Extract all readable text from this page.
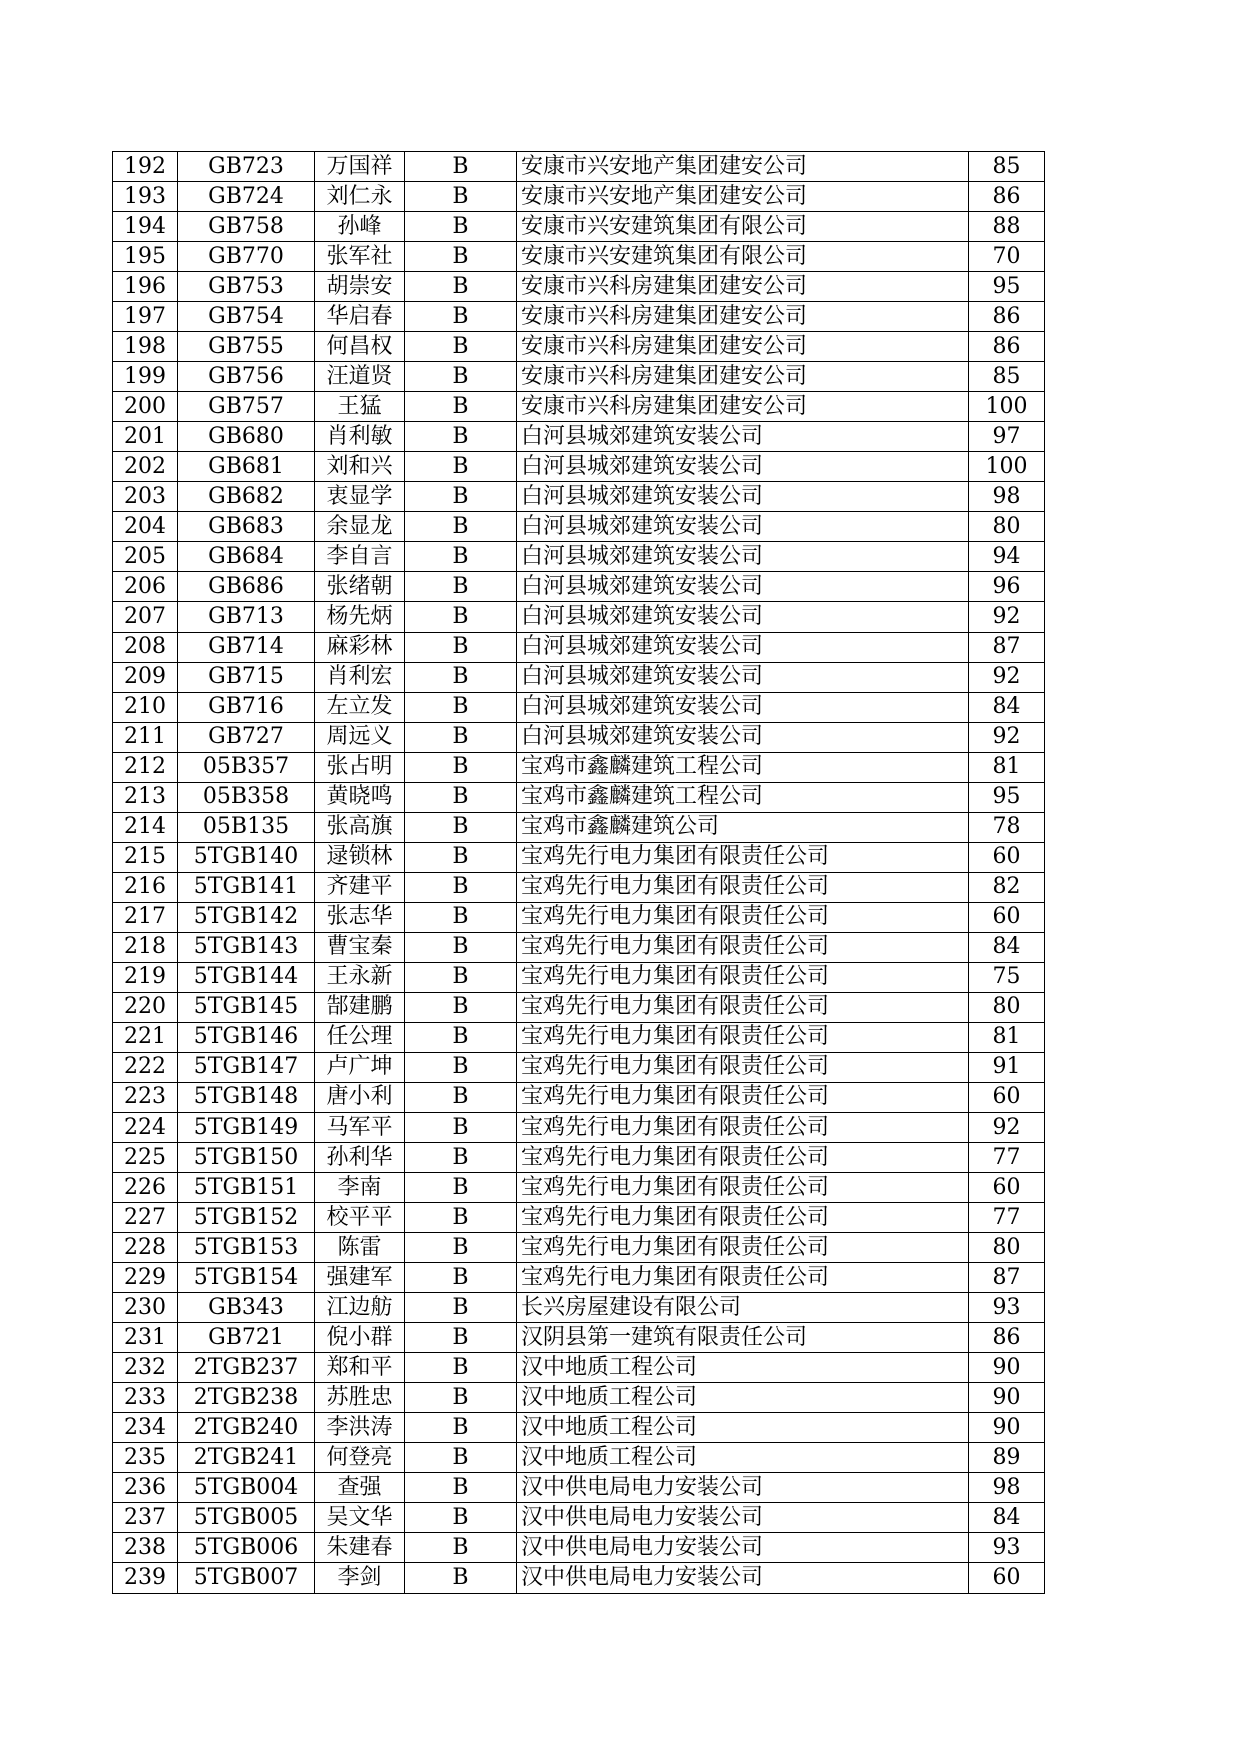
192	GB723	万国祥	B	安康市兴安地产集团建安公司	85
193	GB724	刘仁永	B	安康市兴安地产集团建安公司	86
194	GB758	孙峰	B	安康市兴安建筑集团有限公司	88
195	GB770	张军社	B	安康市兴安建筑集团有限公司	70
196	GB753	胡崇安	B	安康市兴科房建集团建安公司	95
197	GB754	华启春	B	安康市兴科房建集团建安公司	86
198	GB755	何昌权	B	安康市兴科房建集团建安公司	86
199	GB756	汪道贤	B	安康市兴科房建集团建安公司	85
200	GB757	王猛	B	安康市兴科房建集团建安公司	100
201	GB680	肖利敏	B	白河县城郊建筑安装公司	97
202	GB681	刘和兴	B	白河县城郊建筑安装公司	100
203	GB682	衷显学	B	白河县城郊建筑安装公司	98
204	GB683	余显龙	B	白河县城郊建筑安装公司	80
205	GB684	李自言	B	白河县城郊建筑安装公司	94
206	GB686	张绪朝	B	白河县城郊建筑安装公司	96
207	GB713	杨先炳	B	白河县城郊建筑安装公司	92
208	GB714	麻彩林	B	白河县城郊建筑安装公司	87
209	GB715	肖利宏	B	白河县城郊建筑安装公司	92
210	GB716	左立发	B	白河县城郊建筑安装公司	84
211	GB727	周远义	B	白河县城郊建筑安装公司	92
212	05B357	张占明	B	宝鸡市鑫麟建筑工程公司	81
213	05B358	黄晓鸣	B	宝鸡市鑫麟建筑工程公司	95
214	05B135	张高旗	B	宝鸡市鑫麟建筑公司	78
215	5TGB140	逯锁林	B	宝鸡先行电力集团有限责任公司	60
216	5TGB141	齐建平	B	宝鸡先行电力集团有限责任公司	82
217	5TGB142	张志华	B	宝鸡先行电力集团有限责任公司	60
218	5TGB143	曹宝秦	B	宝鸡先行电力集团有限责任公司	84
219	5TGB144	王永新	B	宝鸡先行电力集团有限责任公司	75
220	5TGB145	郜建鹏	B	宝鸡先行电力集团有限责任公司	80
221	5TGB146	任公理	B	宝鸡先行电力集团有限责任公司	81
222	5TGB147	卢广坤	B	宝鸡先行电力集团有限责任公司	91
223	5TGB148	唐小利	B	宝鸡先行电力集团有限责任公司	60
224	5TGB149	马军平	B	宝鸡先行电力集团有限责任公司	92
225	5TGB150	孙利华	B	宝鸡先行电力集团有限责任公司	77
226	5TGB151	李南	B	宝鸡先行电力集团有限责任公司	60
227	5TGB152	校平平	B	宝鸡先行电力集团有限责任公司	77
228	5TGB153	陈雷	B	宝鸡先行电力集团有限责任公司	80
229	5TGB154	强建军	B	宝鸡先行电力集团有限责任公司	87
230	GB343	江边舫	B	长兴房屋建设有限公司	93
231	GB721	倪小群	B	汉阴县第一建筑有限责任公司	86
232	2TGB237	郑和平	B	汉中地质工程公司	90
233	2TGB238	苏胜忠	B	汉中地质工程公司	90
234	2TGB240	李洪涛	B	汉中地质工程公司	90
235	2TGB241	何登亮	B	汉中地质工程公司	89
236	5TGB004	查强	B	汉中供电局电力安装公司	98
237	5TGB005	吴文华	B	汉中供电局电力安装公司	84
238	5TGB006	朱建春	B	汉中供电局电力安装公司	93
239	5TGB007	李剑	B	汉中供电局电力安装公司	60
